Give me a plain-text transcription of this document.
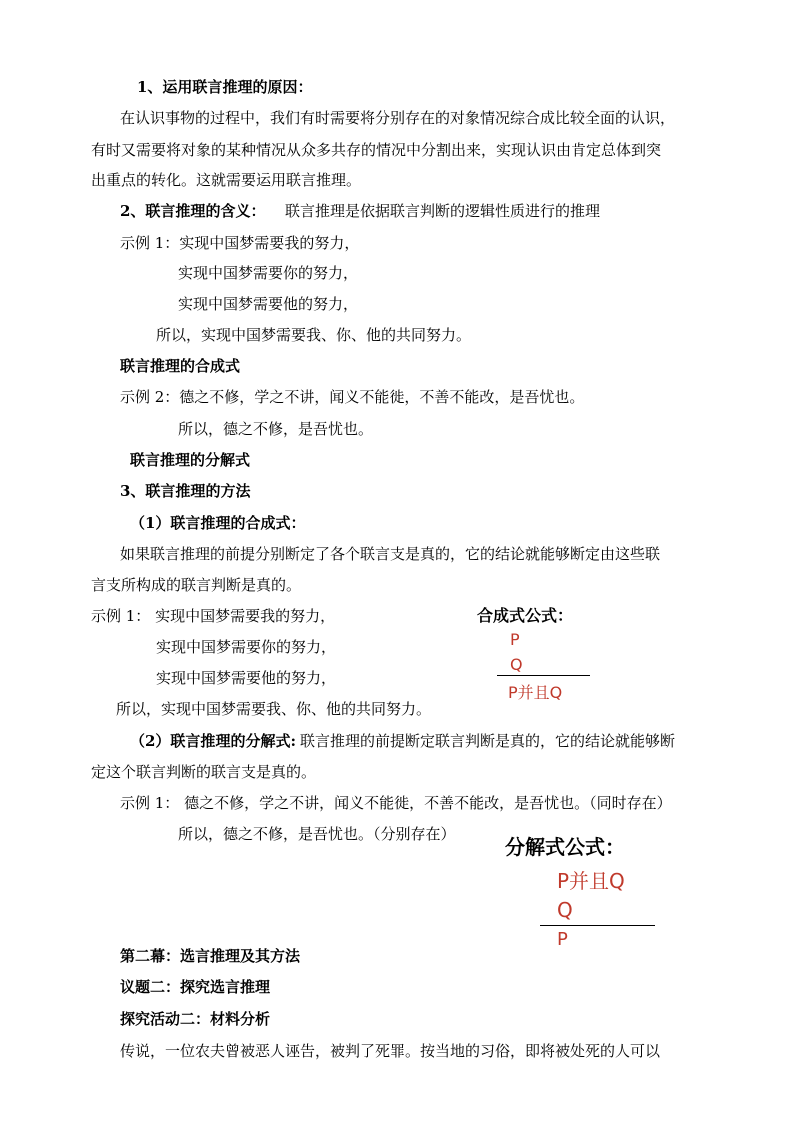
1、运用联言推理的原因：
在认识事物的过程中，我们有时需要将分别存在的对象情况综合成比较全面的认识，
有时又需要将对象的某种情况从众多共存的情况中分割出来，实现认识由肯定总体到突
出重点的转化。这就需要运用联言推理。
2、联言推理的含义： 联言推理是依据联言判断的逻辑性质进行的推理
示例 1：实现中国梦需要我的努力，
实现中国梦需要你的努力，
实现中国梦需要他的努力，
所以，实现中国梦需要我、你、他的共同努力。
联言推理的合成式
示例 2：德之不修，学之不讲，闻义不能徙，不善不能改，是吾忧也。
所以，德之不修，是吾忧也。
联言推理的分解式
3、联言推理的方法
（1）联言推理的合成式：
如果联言推理的前提分别断定了各个联言支是真的，它的结论就能够断定由这些联
言支所构成的联言判断是真的。
示例 1： 实现中国梦需要我的努力，
实现中国梦需要你的努力，
实现中国梦需要他的努力，
所以，实现中国梦需要我、你、他的共同努力。
合成式公式：
P
Q
P并且Q
（2）联言推理的分解式: 联言推理的前提断定联言判断是真的，它的结论就能够断
定这个联言判断的联言支是真的。
示例 1： 德之不修，学之不讲，闻义不能徙，不善不能改，是吾忧也。（同时存在）
所以，德之不修，是吾忧也。（分别存在）
分解式公式：
P并且Q
Q
P
第二幕：选言推理及其方法
议题二：探究选言推理
探究活动二：材料分析
传说，一位农夫曾被恶人诬告，被判了死罪。按当地的习俗，即将被处死的人可以
